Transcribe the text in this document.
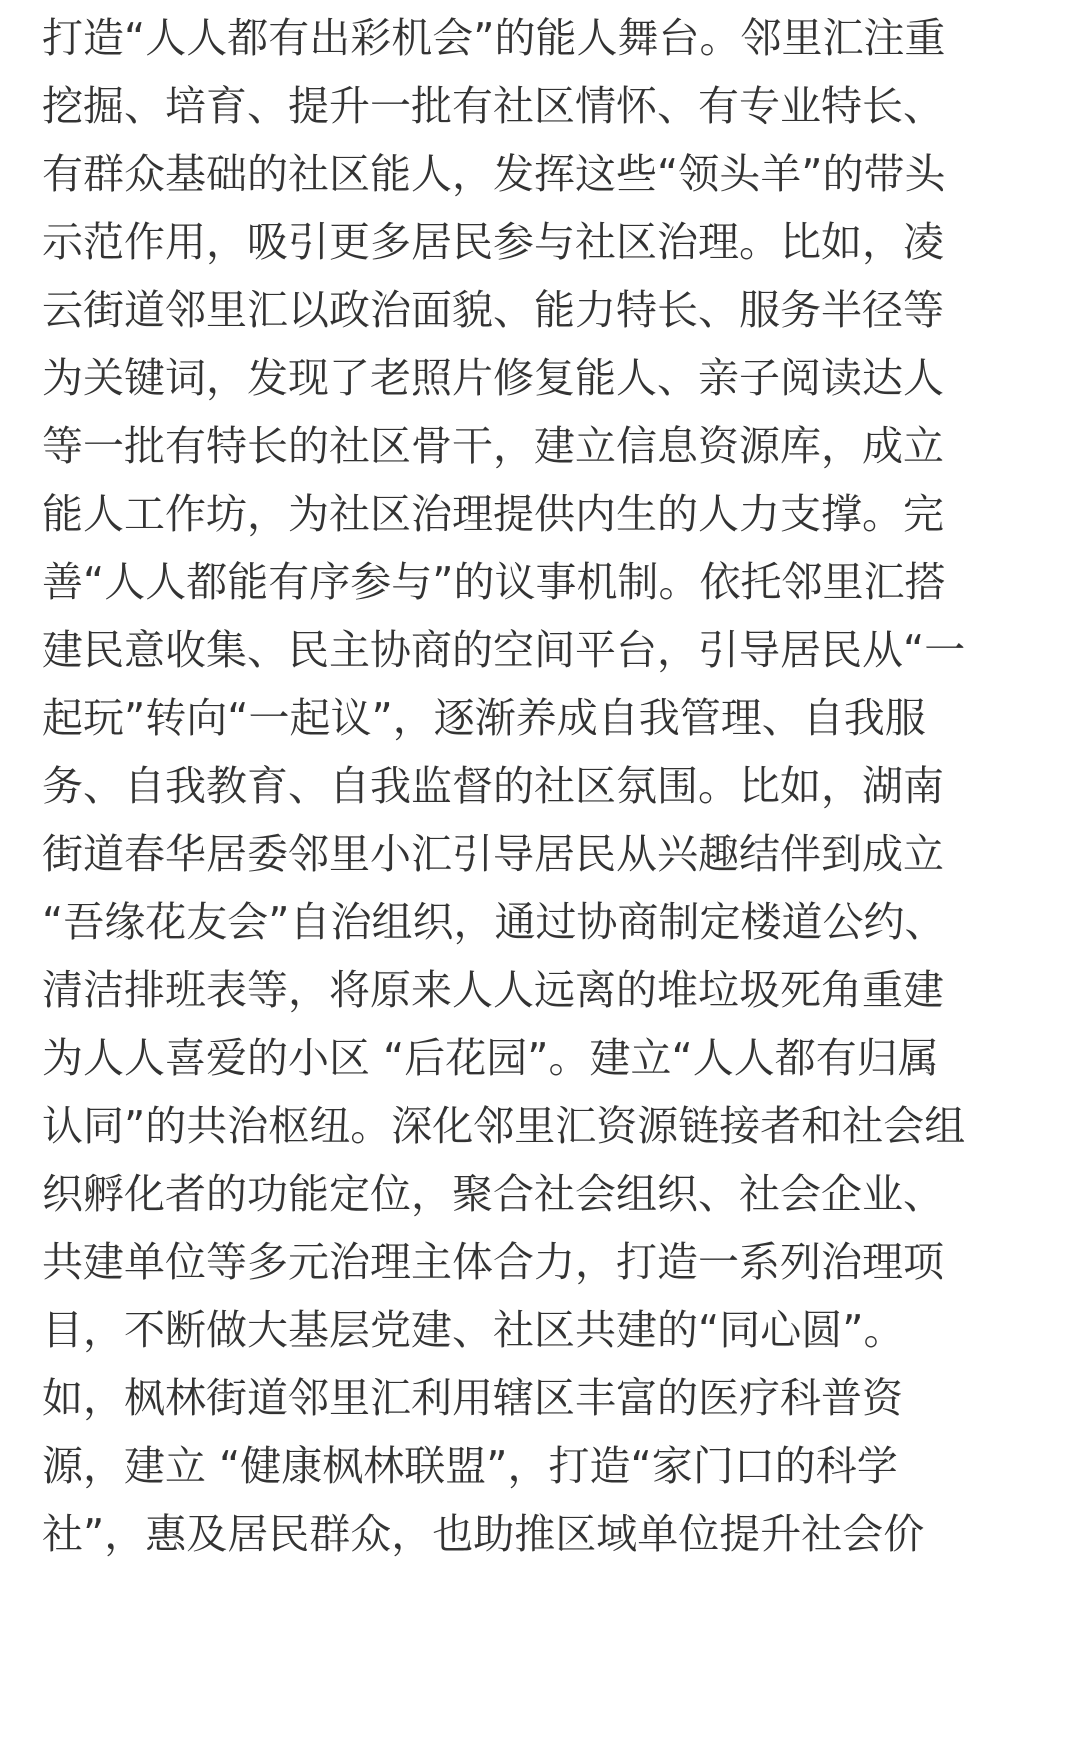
打造“人人都有出彩机会”的能人舞台。邻里汇注重
挖掘、培育、提升一批有社区情怀、有专业特长、
有群众基础的社区能人，发挥这些“领头羊”的带头
示范作用，吸引更多居民参与社区治理。比如，凌
云街道邻里汇以政治面貌、能力特长、服务半径等
为关键词，发现了老照片修复能人、亲子阅读达人
等一批有特长的社区骨干，建立信息资源库，成立
能人工作坊，为社区治理提供内生的人力支撑。完
善“人人都能有序参与”的议事机制。依托邻里汇搭
建民意收集、民主协商的空间平台，引导居民从“一
起玩”转向“一起议”，逐渐养成自我管理、自我服
务、自我教育、自我监督的社区氛围。比如，湖南
街道春华居委邻里小汇引导居民从兴趣结伴到成立
“吾缘花友会”自治组织，通过协商制定楼道公约、
清洁排班表等，将原来人人远离的堆垃圾死角重建
为人人喜爱的小区 “后花园”。建立“人人都有归属
认同”的共治枢纽。深化邻里汇资源链接者和社会组
织孵化者的功能定位，聚合社会组织、社会企业、
共建单位等多元治理主体合力，打造一系列治理项
目，不断做大基层党建、社区共建的“同心圆”。
如，枫林街道邻里汇利用辖区丰富的医疗科普资
源，建立 “健康枫林联盟”，打造“家门口的科学
社”，惠及居民群众，也助推区域单位提升社会价
